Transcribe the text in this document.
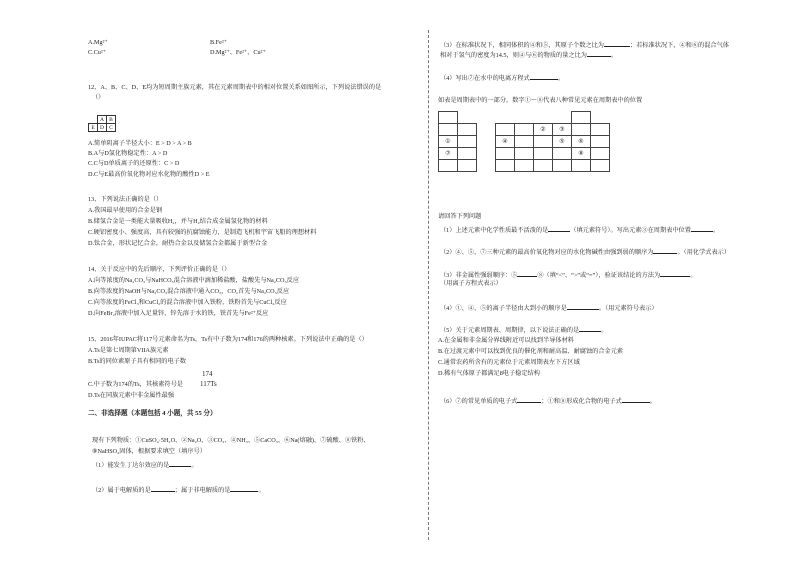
A.Mg²⁺	B.Fe²⁺
C.Cu²⁺	D.Mg²⁺、Fe²⁺、Cu²⁺
12、A、B、C、D、E均为短周期主族元素，其在元素周期表中的相对位置关系如图所示，下列说法错误的是
（）
	A	B
E	D	C
A.简单阴离子半径大小：E > D > A > B
B.A与D氢化物稳定性：A > D
C.C与D单质离子的还原性：C > D
D.C与E最高价氧化物对应水化物的酸性D > E
13、下列说法正确的是（）
A.我国最早使用的合金是钢
B.储氢合金是一类能大量吸收H₂，并与H₂结合成金属氢化物的材料
C.硬铝密度小、强度高，具有较强的抗腐蚀能力，是制造飞机和宇宙飞船的理想材料
D.钛合金，形状记忆合金，耐热合金以及储氢合金都属于新型合金
14、关于反应中的先后顺序，下列评价正确的是（）
A.向等浓度的Na₂CO₃与NaHCO₃混合溶液中滴加稀盐酸，盐酸先与Na₂CO₃反应
B.向等浓度的NaOH与Na₂CO₃混合溶液中通入CO₂，CO₂首先与Na₂CO₃反应
C.向等浓度的FeCl₃和CuCl₂的混合溶液中加入铁粉，铁粉首先与CuCl₂反应
D.向FeBr₂溶液中加入足量锌，锌先溶于水的铁，铁首先与Fe²⁺反应
15、2016年IUPAC将117号元素命名为Ts，Ts有中子数为174和176的两种核素。下列说法中正确的是（）
A.Ts是第七周期第VIIA族元素
B.Ts的同位素原子具有相同的电子数
174
C.中子数为174的Ts，其核素符号是 117Ts
D.Ts在同族元素中非金属性最强
二、非选择题（本题包括 4 小题，共 55 分）
现有下列物质：①CuSO₄·5H₂O、②Na₂O、③CO₂、④NH₃、⑤CaCO₃、⑥Na(熔融)、⑦硫酸、⑧铁粉、
⑨NaHSO₄固体，根据要求填空（填序号）
（1）能发生丁达尔效应的是	。
（2）属于电解质的是	；属于非电解质的是	。
（3）在标准状况下，相同体积的④和⑤，其原子个数之比为	；若标准状况下，④和⑥的混合气体
相对于氢气的密度为14.5，则④与⑥的物质的量之比为	。
（4）写出⑦在水中的电离方程式	。
如表是周期表中的一部分，数字①～⑧代表八种常见元素在周期表中的位置

					②	③		
①			④			⑤	⑥	
⑦							⑧	

请回答下列问题
（1）上述元素中化学性质最不活泼的是	（填元素符号）。写出元素③在周期表中位置	。
（2）④、⑤、⑦三种元素的最高价氧化物对应的水化物碱性由强到弱的顺序为	。（用化学式表示）
（3）非金属性强弱顺序：⑤	⑧（填“<”、“>”或“=”），验证该结论的方法为	。
（用离子方程式表示）
（4）①、④、⑤的离子半径由大到小的顺序是	。（用元素符号表示）
（5）关于元素周期表、周期律，以下说法正确的是	。
A.在金属和非金属分界线附近可以找到半导体材料
B.在过渡元素中可以找到优良的催化剂和耐高温、耐腐蚀的合金元素
C.通常农药所含有的元素位于元素周期表左下方区域
D.稀有气体原子都满足8电子稳定结构
（6）⑦的常见单质的电子式	；①和⑧形成化合物的电子式	。
